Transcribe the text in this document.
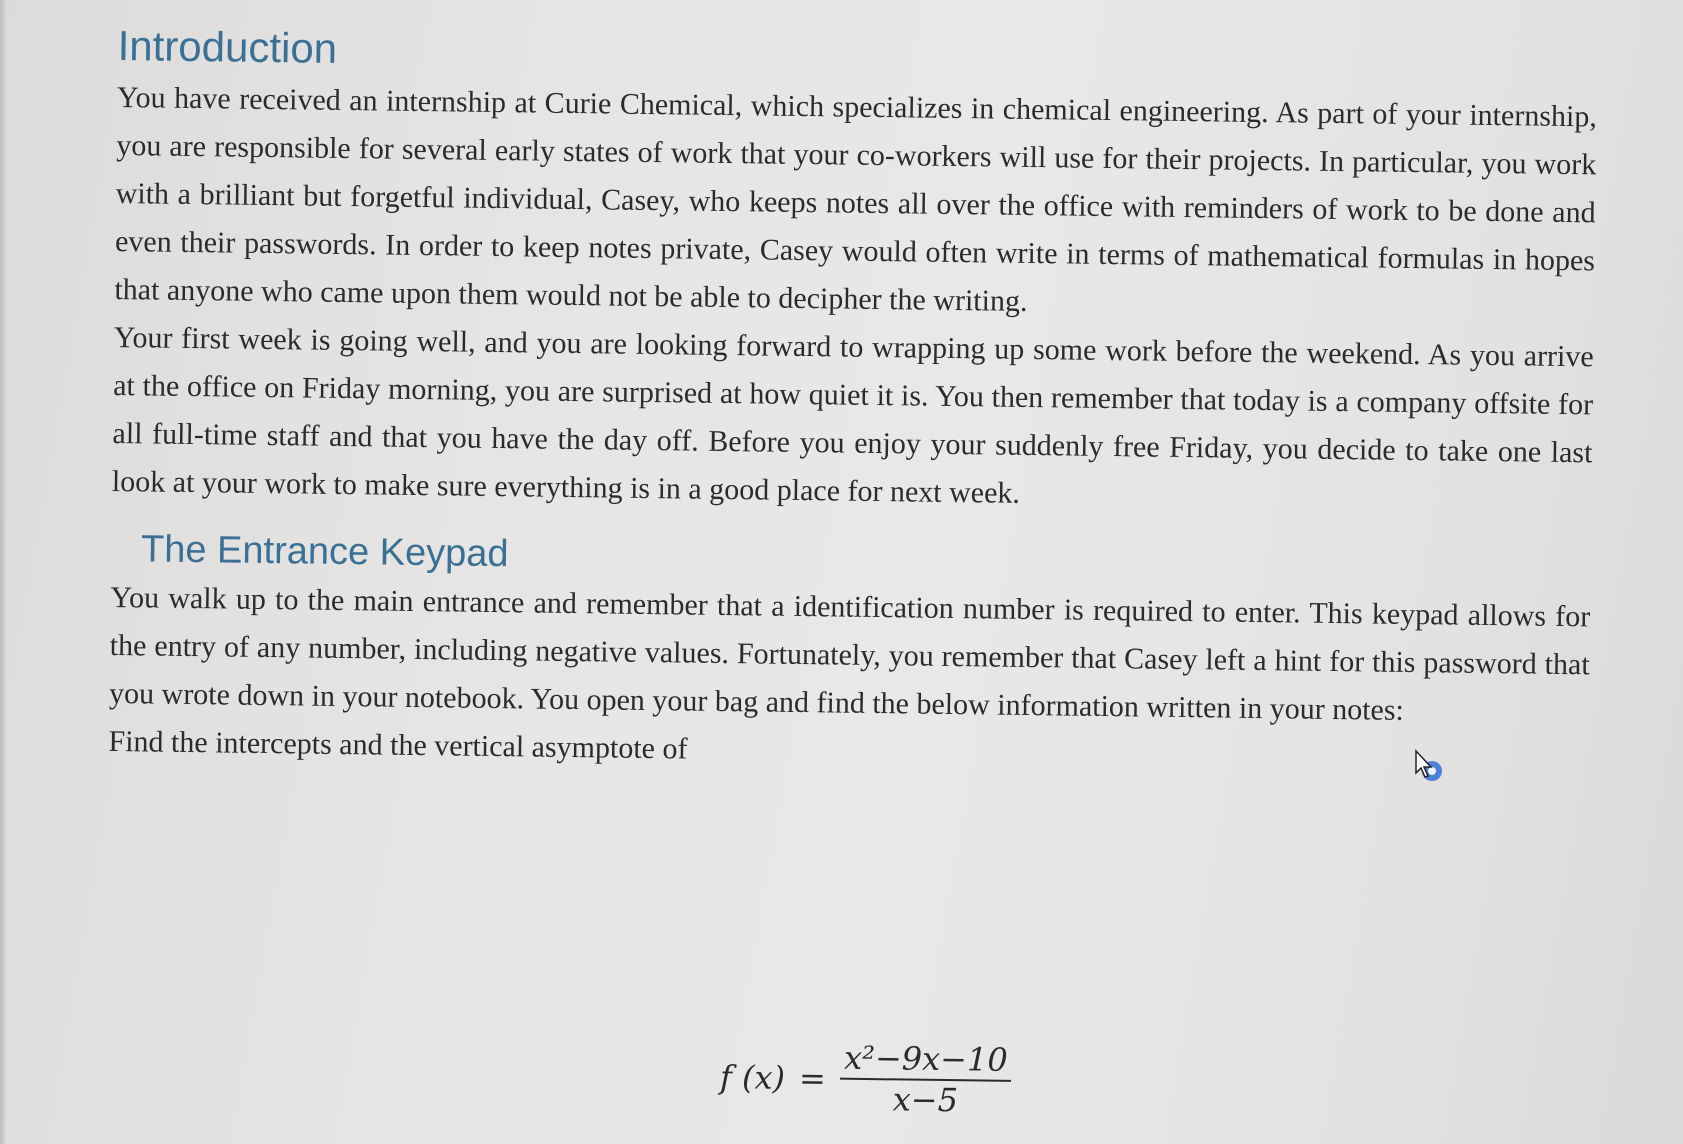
Introduction

You have received an internship at Curie Chemical, which specializes in chemical engineering. As part of your internship, you are responsible for several early states of work that your co-workers will use for their projects. In particular, you work with a brilliant but forgetful individual, Casey, who keeps notes all over the office with reminders of work to be done and even their passwords. In order to keep notes private, Casey would often write in terms of mathematical formulas in hopes that anyone who came upon them would not be able to decipher the writing.

Your first week is going well, and you are looking forward to wrapping up some work before the weekend. As you arrive at the office on Friday morning, you are surprised at how quiet it is. You then remember that today is a company offsite for all full-time staff and that you have the day off. Before you enjoy your suddenly free Friday, you decide to take one last look at your work to make sure everything is in a good place for next week.

The Entrance Keypad

You walk up to the main entrance and remember that a identification number is required to enter. This keypad allows for the entry of any number, including negative values. Fortunately, you remember that Casey left a hint for this password that you wrote down in your notebook. You open your bag and find the below information written in your notes:

Find the intercepts and the vertical asymptote of

f $(x) = \frac{\text{x²−9x−10}}{x-5}$
